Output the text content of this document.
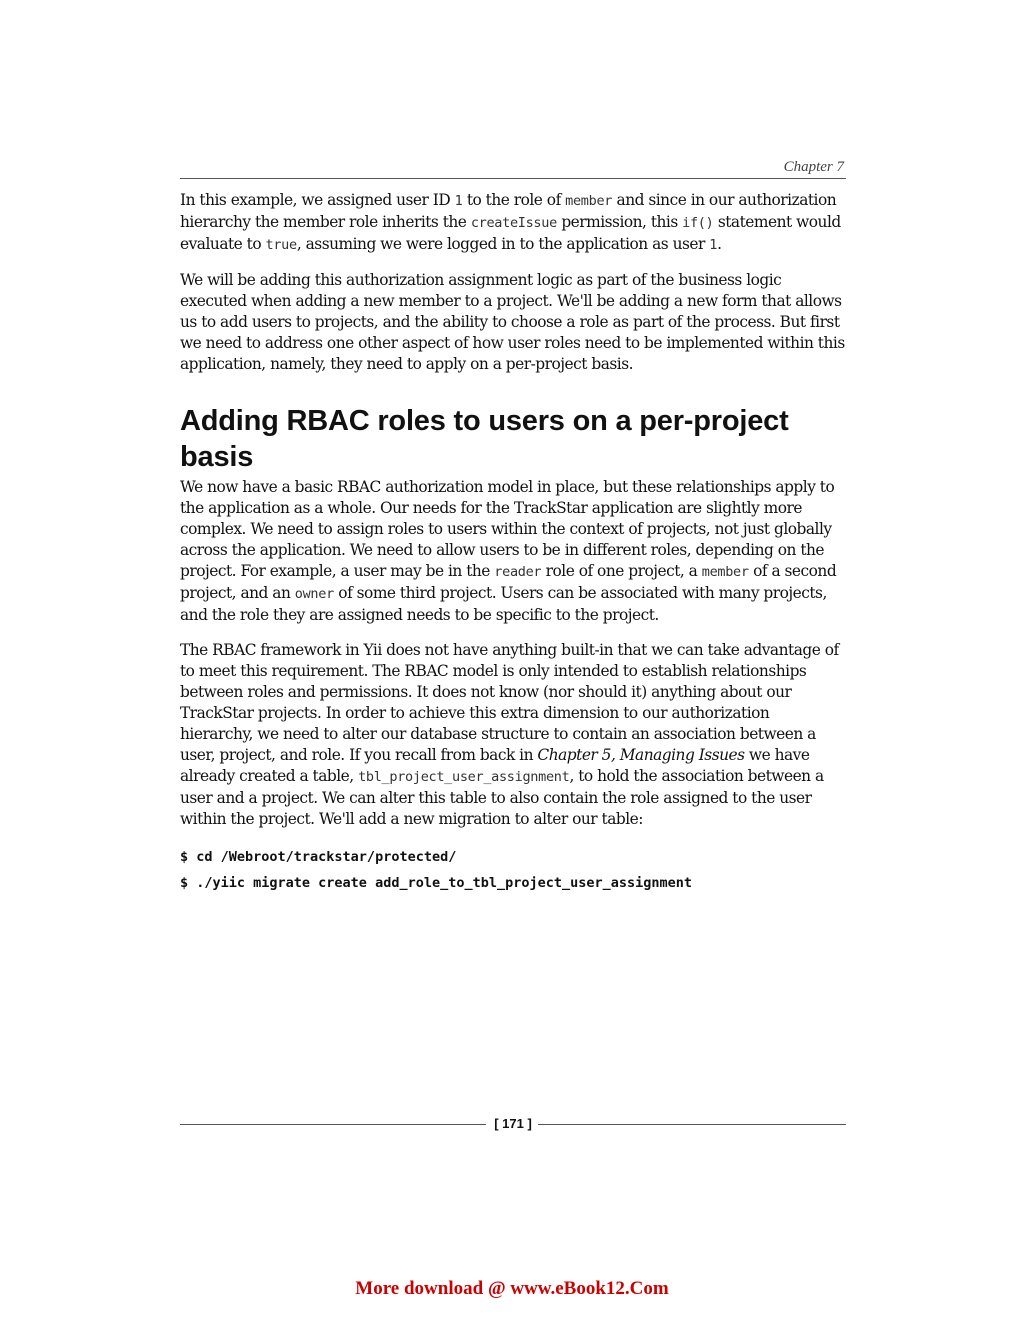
Chapter 7

In this example, we assigned user ID 1 to the role of member and since in our authorization hierarchy the member role inherits the createIssue permission, this if() statement would evaluate to true, assuming we were logged in to the application as user 1.

We will be adding this authorization assignment logic as part of the business logic executed when adding a new member to a project. We'll be adding a new form that allows us to add users to projects, and the ability to choose a role as part of the process. But first we need to address one other aspect of how user roles need to be implemented within this application, namely, they need to apply on a per-project basis.

Adding RBAC roles to users on a per-project basis

We now have a basic RBAC authorization model in place, but these relationships apply to the application as a whole. Our needs for the TrackStar application are slightly more complex. We need to assign roles to users within the context of projects, not just globally across the application. We need to allow users to be in different roles, depending on the project. For example, a user may be in the reader role of one project, a member of a second project, and an owner of some third project. Users can be associated with many projects, and the role they are assigned needs to be specific to the project.

The RBAC framework in Yii does not have anything built-in that we can take advantage of to meet this requirement. The RBAC model is only intended to establish relationships between roles and permissions. It does not know (nor should it) anything about our TrackStar projects. In order to achieve this extra dimension to our authorization hierarchy, we need to alter our database structure to contain an association between a user, project, and role. If you recall from back in Chapter 5, Managing Issues we have already created a table, tbl_project_user_assignment, to hold the association between a user and a project. We can alter this table to also contain the role assigned to the user within the project. We'll add a new migration to alter our table:

$ cd /Webroot/trackstar/protected/
$ ./yiic migrate create add_role_to_tbl_project_user_assignment
[ 171 ]
More download @ www.eBook12.Com
